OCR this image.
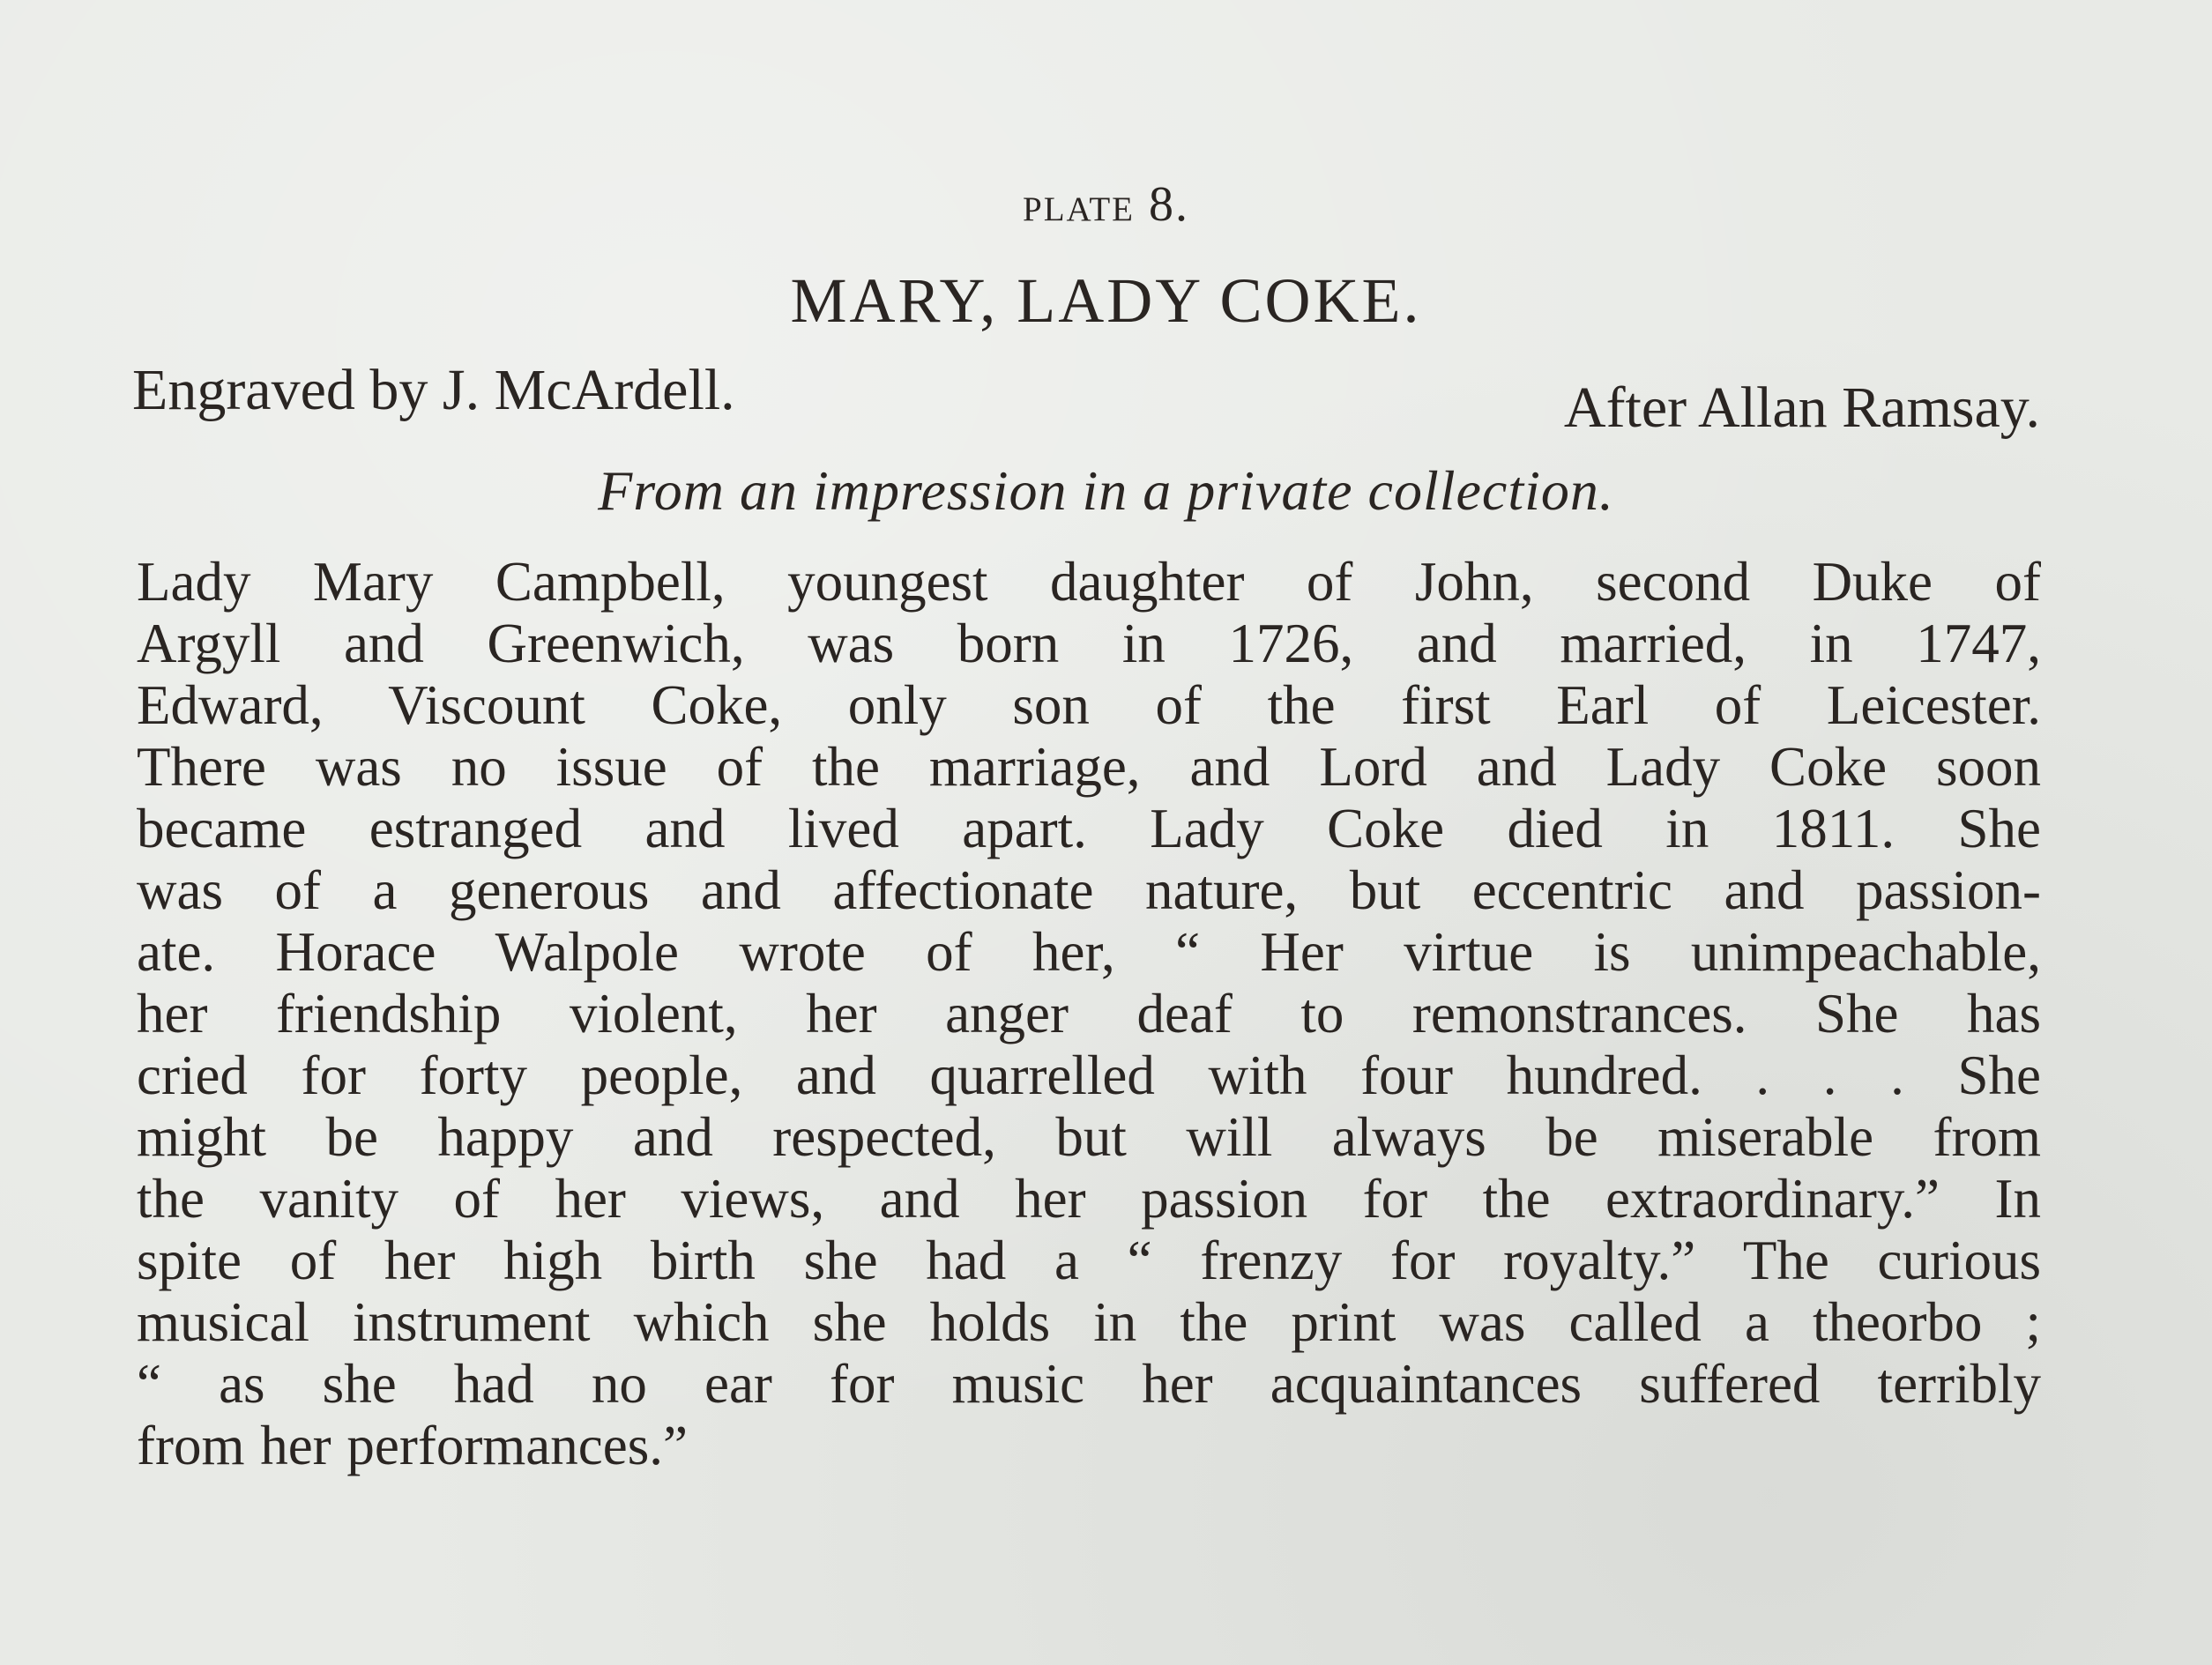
plate 8.
MARY, LADY COKE.
Engraved by J. McArdell.	After Allan Ramsay.
From an impression in a private collection.
Lady Mary Campbell, youngest daughter of John, second Duke of
Argyll and Greenwich, was born in 1726, and married, in 1747,
Edward, Viscount Coke, only son of the first Earl of Leicester.
There was no issue of the marriage, and Lord and Lady Coke soon
became estranged and lived apart. Lady Coke died in 1811. She
was of a generous and affectionate nature, but eccentric and passion-
ate. Horace Walpole wrote of her, “ Her virtue is unimpeachable,
her friendship violent, her anger deaf to remonstrances. She has
cried for forty people, and quarrelled with four hundred. . . . She
might be happy and respected, but will always be miserable from
the vanity of her views, and her passion for the extraordinary.” In
spite of her high birth she had a “ frenzy for royalty.” The curious
musical instrument which she holds in the print was called a theorbo ;
“ as she had no ear for music her acquaintances suffered terribly
from her performances.”
